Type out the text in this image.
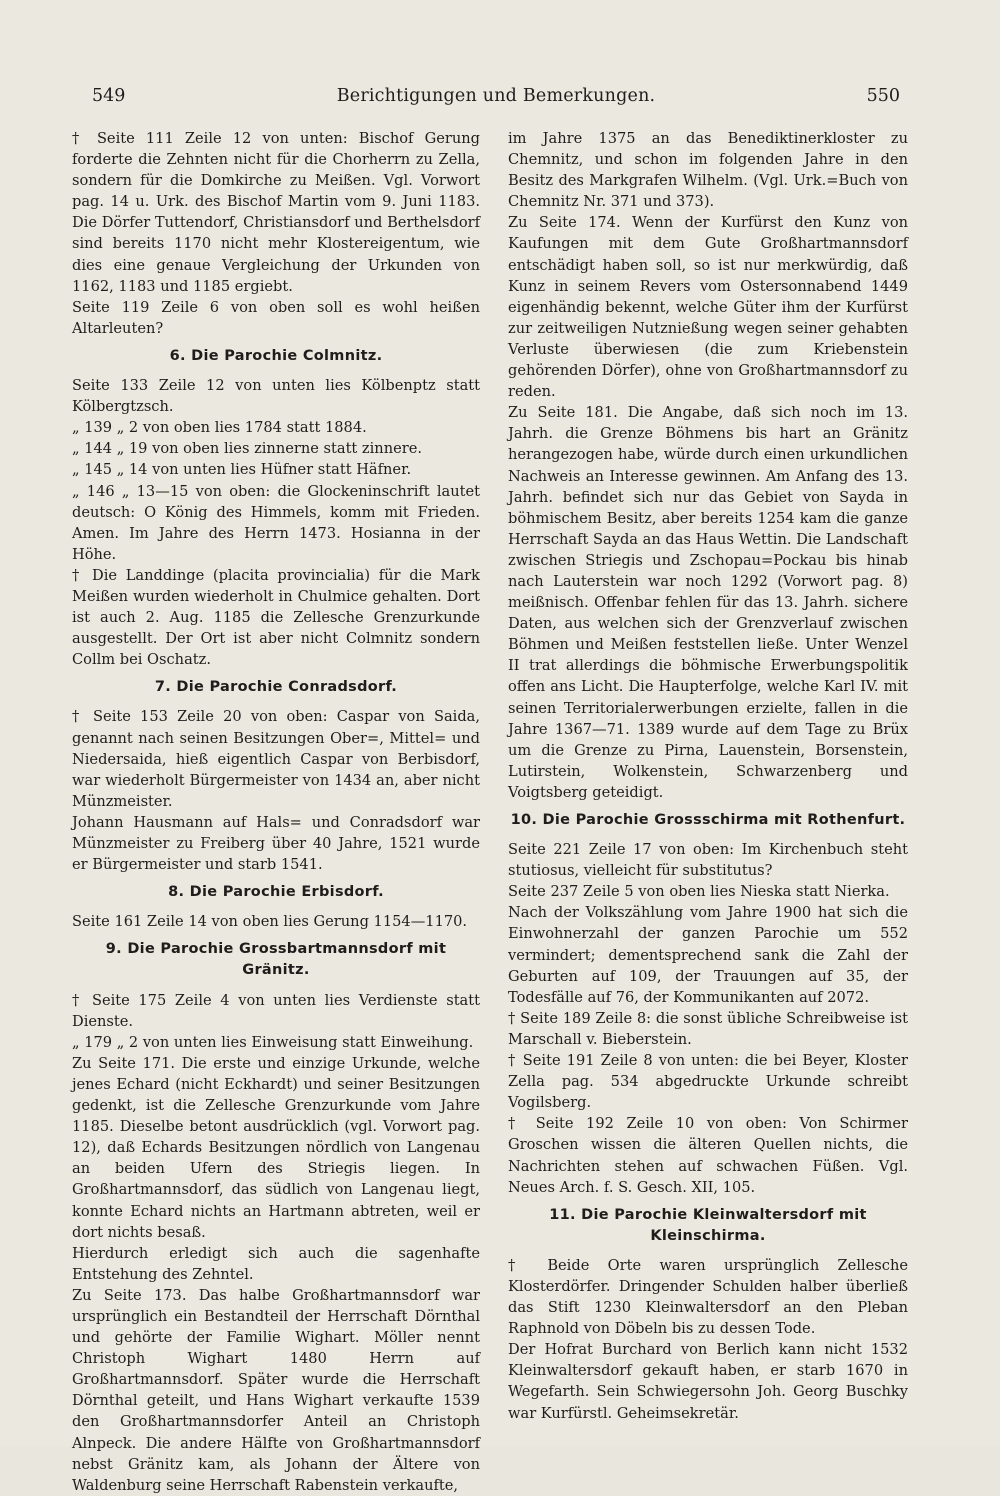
549	Berichtigungen und Bemerkungen.	550

† Seite 111 Zeile 12 von unten: Bischof Gerung forderte die Zehnten nicht für die Chorherrn zu Zella, sondern für die Domkirche zu Meißen. Vgl. Vorwort pag. 14 u. Urk. des Bischof Martin vom 9. Juni 1183. Die Dörfer Tuttendorf, Christiansdorf und Berthelsdorf sind bereits 1170 nicht mehr Klostereigentum, wie dies eine genaue Vergleichung der Urkunden von 1162, 1183 und 1185 ergiebt.

Seite 119 Zeile 6 von oben soll es wohl heißen Altarleuten?

6. Die Parochie Colmnitz.

Seite 133 Zeile 12 von unten lies Kölbenptz statt Kölbergtzsch.

„ 139 „ 2 von oben lies 1784 statt 1884.

„ 144 „ 19 von oben lies zinnerne statt zinnere.

„ 145 „ 14 von unten lies Hüfner statt Häfner.

„ 146 „ 13—15 von oben: die Glockeninschrift lautet deutsch: O König des Himmels, komm mit Frieden. Amen. Im Jahre des Herrn 1473. Hosianna in der Höhe.

† Die Landdinge (placita provincialia) für die Mark Meißen wurden wiederholt in Chulmice gehalten. Dort ist auch 2. Aug. 1185 die Zellesche Grenzurkunde ausgestellt. Der Ort ist aber nicht Colmnitz sondern Collm bei Oschatz.

7. Die Parochie Conradsdorf.

† Seite 153 Zeile 20 von oben: Caspar von Saida, genannt nach seinen Besitzungen Ober=, Mittel= und Niedersaida, hieß eigentlich Caspar von Berbisdorf, war wiederholt Bürgermeister von 1434 an, aber nicht Münzmeister.

Johann Hausmann auf Hals= und Conradsdorf war Münzmeister zu Freiberg über 40 Jahre, 1521 wurde er Bürgermeister und starb 1541.

8. Die Parochie Erbisdorf.

Seite 161 Zeile 14 von oben lies Gerung 1154—1170.

9. Die Parochie Grossbartmannsdorf mit Gränitz.

† Seite 175 Zeile 4 von unten lies Verdienste statt Dienste.

„ 179 „ 2 von unten lies Einweisung statt Einweihung.

Zu Seite 171. Die erste und einzige Urkunde, welche jenes Echard (nicht Eckhardt) und seiner Besitzungen gedenkt, ist die Zellesche Grenzurkunde vom Jahre 1185. Dieselbe betont ausdrücklich (vgl. Vorwort pag. 12), daß Echards Besitzungen nördlich von Langenau an beiden Ufern des Striegis liegen. In Großhartmannsdorf, das südlich von Langenau liegt, konnte Echard nichts an Hartmann abtreten, weil er dort nichts besaß.

Hierdurch erledigt sich auch die sagenhafte Entstehung des Zehntel.

Zu Seite 173. Das halbe Großhartmannsdorf war ursprünglich ein Bestandteil der Herrschaft Dörnthal und gehörte der Familie Wighart. Möller nennt Christoph Wighart 1480 Herrn auf Großhartmannsdorf. Später wurde die Herrschaft Dörnthal geteilt, und Hans Wighart verkaufte 1539 den Großhartmannsdorfer Anteil an Christoph Alnpeck. Die andere Hälfte von Großhartmannsdorf nebst Gränitz kam, als Johann der Ältere von Waldenburg seine Herrschaft Rabenstein verkaufte,

im Jahre 1375 an das Benediktinerkloster zu Chemnitz, und schon im folgenden Jahre in den Besitz des Markgrafen Wilhelm. (Vgl. Urk.=Buch von Chemnitz Nr. 371 und 373).

Zu Seite 174. Wenn der Kurfürst den Kunz von Kaufungen mit dem Gute Großhartmannsdorf entschädigt haben soll, so ist nur merkwürdig, daß Kunz in seinem Revers vom Ostersonnabend 1449 eigenhändig bekennt, welche Güter ihm der Kurfürst zur zeitweiligen Nutznießung wegen seiner gehabten Verluste überwiesen (die zum Kriebenstein gehörenden Dörfer), ohne von Großhartmannsdorf zu reden.

Zu Seite 181. Die Angabe, daß sich noch im 13. Jahrh. die Grenze Böhmens bis hart an Gränitz herangezogen habe, würde durch einen urkundlichen Nachweis an Interesse gewinnen. Am Anfang des 13. Jahrh. befindet sich nur das Gebiet von Sayda in böhmischem Besitz, aber bereits 1254 kam die ganze Herrschaft Sayda an das Haus Wettin. Die Landschaft zwischen Striegis und Zschopau=Pockau bis hinab nach Lauterstein war noch 1292 (Vorwort pag. 8) meißnisch. Offenbar fehlen für das 13. Jahrh. sichere Daten, aus welchen sich der Grenzverlauf zwischen Böhmen und Meißen feststellen ließe. Unter Wenzel II trat allerdings die böhmische Erwerbungspolitik offen ans Licht. Die Haupterfolge, welche Karl IV. mit seinen Territorialerwerbungen erzielte, fallen in die Jahre 1367—71. 1389 wurde auf dem Tage zu Brüx um die Grenze zu Pirna, Lauenstein, Borsenstein, Lutirstein, Wolkenstein, Schwarzenberg und Voigtsberg geteidigt.

10. Die Parochie Grossschirma mit Rothenfurt.

Seite 221 Zeile 17 von oben: Im Kirchenbuch steht stutiosus, vielleicht für substitutus?

Seite 237 Zeile 5 von oben lies Nieska statt Nierka.

Nach der Volkszählung vom Jahre 1900 hat sich die Einwohnerzahl der ganzen Parochie um 552 vermindert; dementsprechend sank die Zahl der Geburten auf 109, der Trauungen auf 35, der Todesfälle auf 76, der Kommunikanten auf 2072.

† Seite 189 Zeile 8: die sonst übliche Schreibweise ist Marschall v. Bieberstein.

† Seite 191 Zeile 8 von unten: die bei Beyer, Kloster Zella pag. 534 abgedruckte Urkunde schreibt Vogilsberg.

† Seite 192 Zeile 10 von oben: Von Schirmer Groschen wissen die älteren Quellen nichts, die Nachrichten stehen auf schwachen Füßen. Vgl. Neues Arch. f. S. Gesch. XII, 105.

11. Die Parochie Kleinwaltersdorf mit Kleinschirma.

† Beide Orte waren ursprünglich Zellesche Klosterdörfer. Dringender Schulden halber überließ das Stift 1230 Kleinwaltersdorf an den Pleban Raphnold von Döbeln bis zu dessen Tode.

Der Hofrat Burchard von Berlich kann nicht 1532 Kleinwaltersdorf gekauft haben, er starb 1670 in Wegefarth. Sein Schwiegersohn Joh. Georg Buschky war Kurfürstl. Geheimsekretär.
